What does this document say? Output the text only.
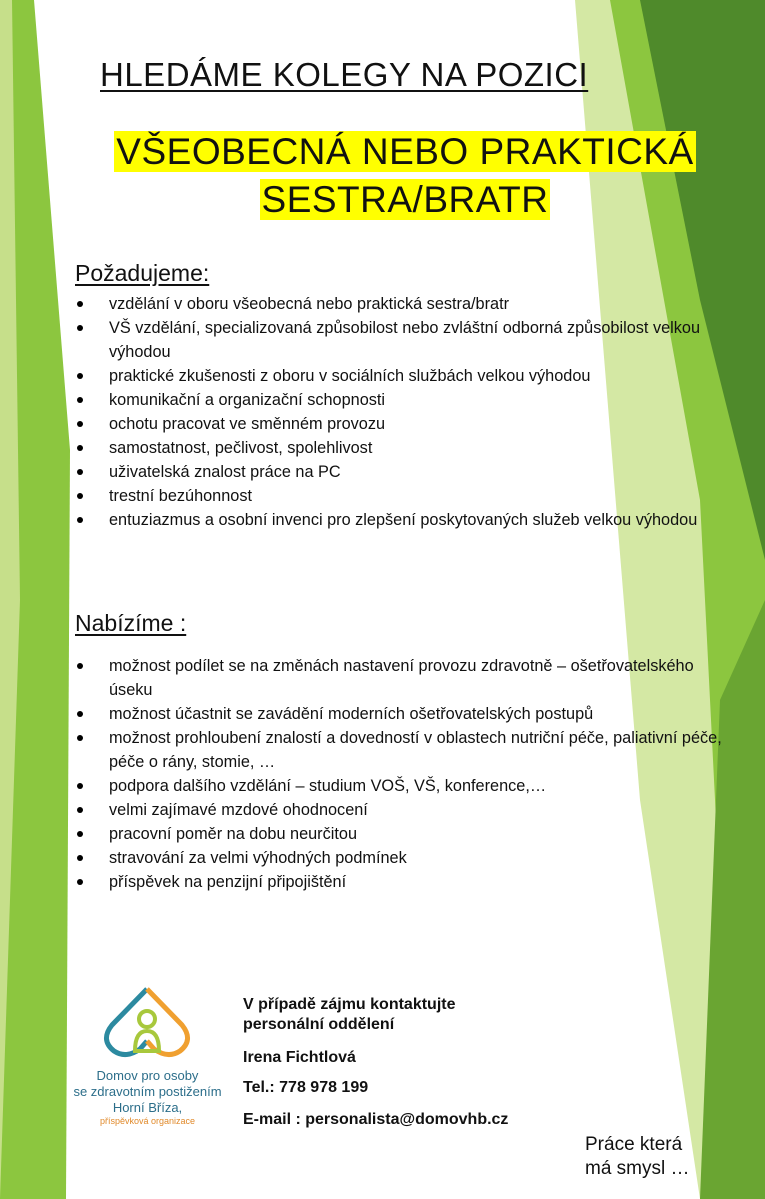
HLEDÁME KOLEGY NA POZICI
VŠEOBECNÁ NEBO PRAKTICKÁ
SESTRA/BRATR
Požadujeme:
vzdělání v oboru všeobecná nebo praktická sestra/bratr
VŠ vzdělání, specializovaná způsobilost nebo zvláštní odborná způsobilost velkou výhodou
praktické zkušenosti z oboru v sociálních službách velkou výhodou
komunikační a organizační schopnosti
ochotu pracovat ve směnném provozu
samostatnost, pečlivost, spolehlivost
uživatelská znalost práce na PC
trestní bezúhonnost
entuziazmus a osobní invenci pro zlepšení poskytovaných služeb velkou výhodou
Nabízíme :
možnost podílet se na změnách nastavení provozu zdravotně – ošetřovatelského úseku
možnost účastnit se zavádění moderních ošetřovatelských postupů
možnost prohloubení znalostí a dovedností v oblastech nutriční péče, paliativní péče, péče o rány, stomie, …
podpora dalšího vzdělání – studium VOŠ, VŠ, konference,…
velmi zajímavé mzdové ohodnocení
pracovní poměr na dobu neurčitou
stravování za velmi výhodných podmínek
příspěvek na penzijní připojištění

Domov pro osoby
se zdravotním postižením
Horní Bříza,

příspěvková organizace

V případě zájmu kontaktujte
personální oddělení

Irena Fichtlová

Tel.: 778 978 199

E-mail : personalista@domovhb.cz

Práce která
má smysl …
